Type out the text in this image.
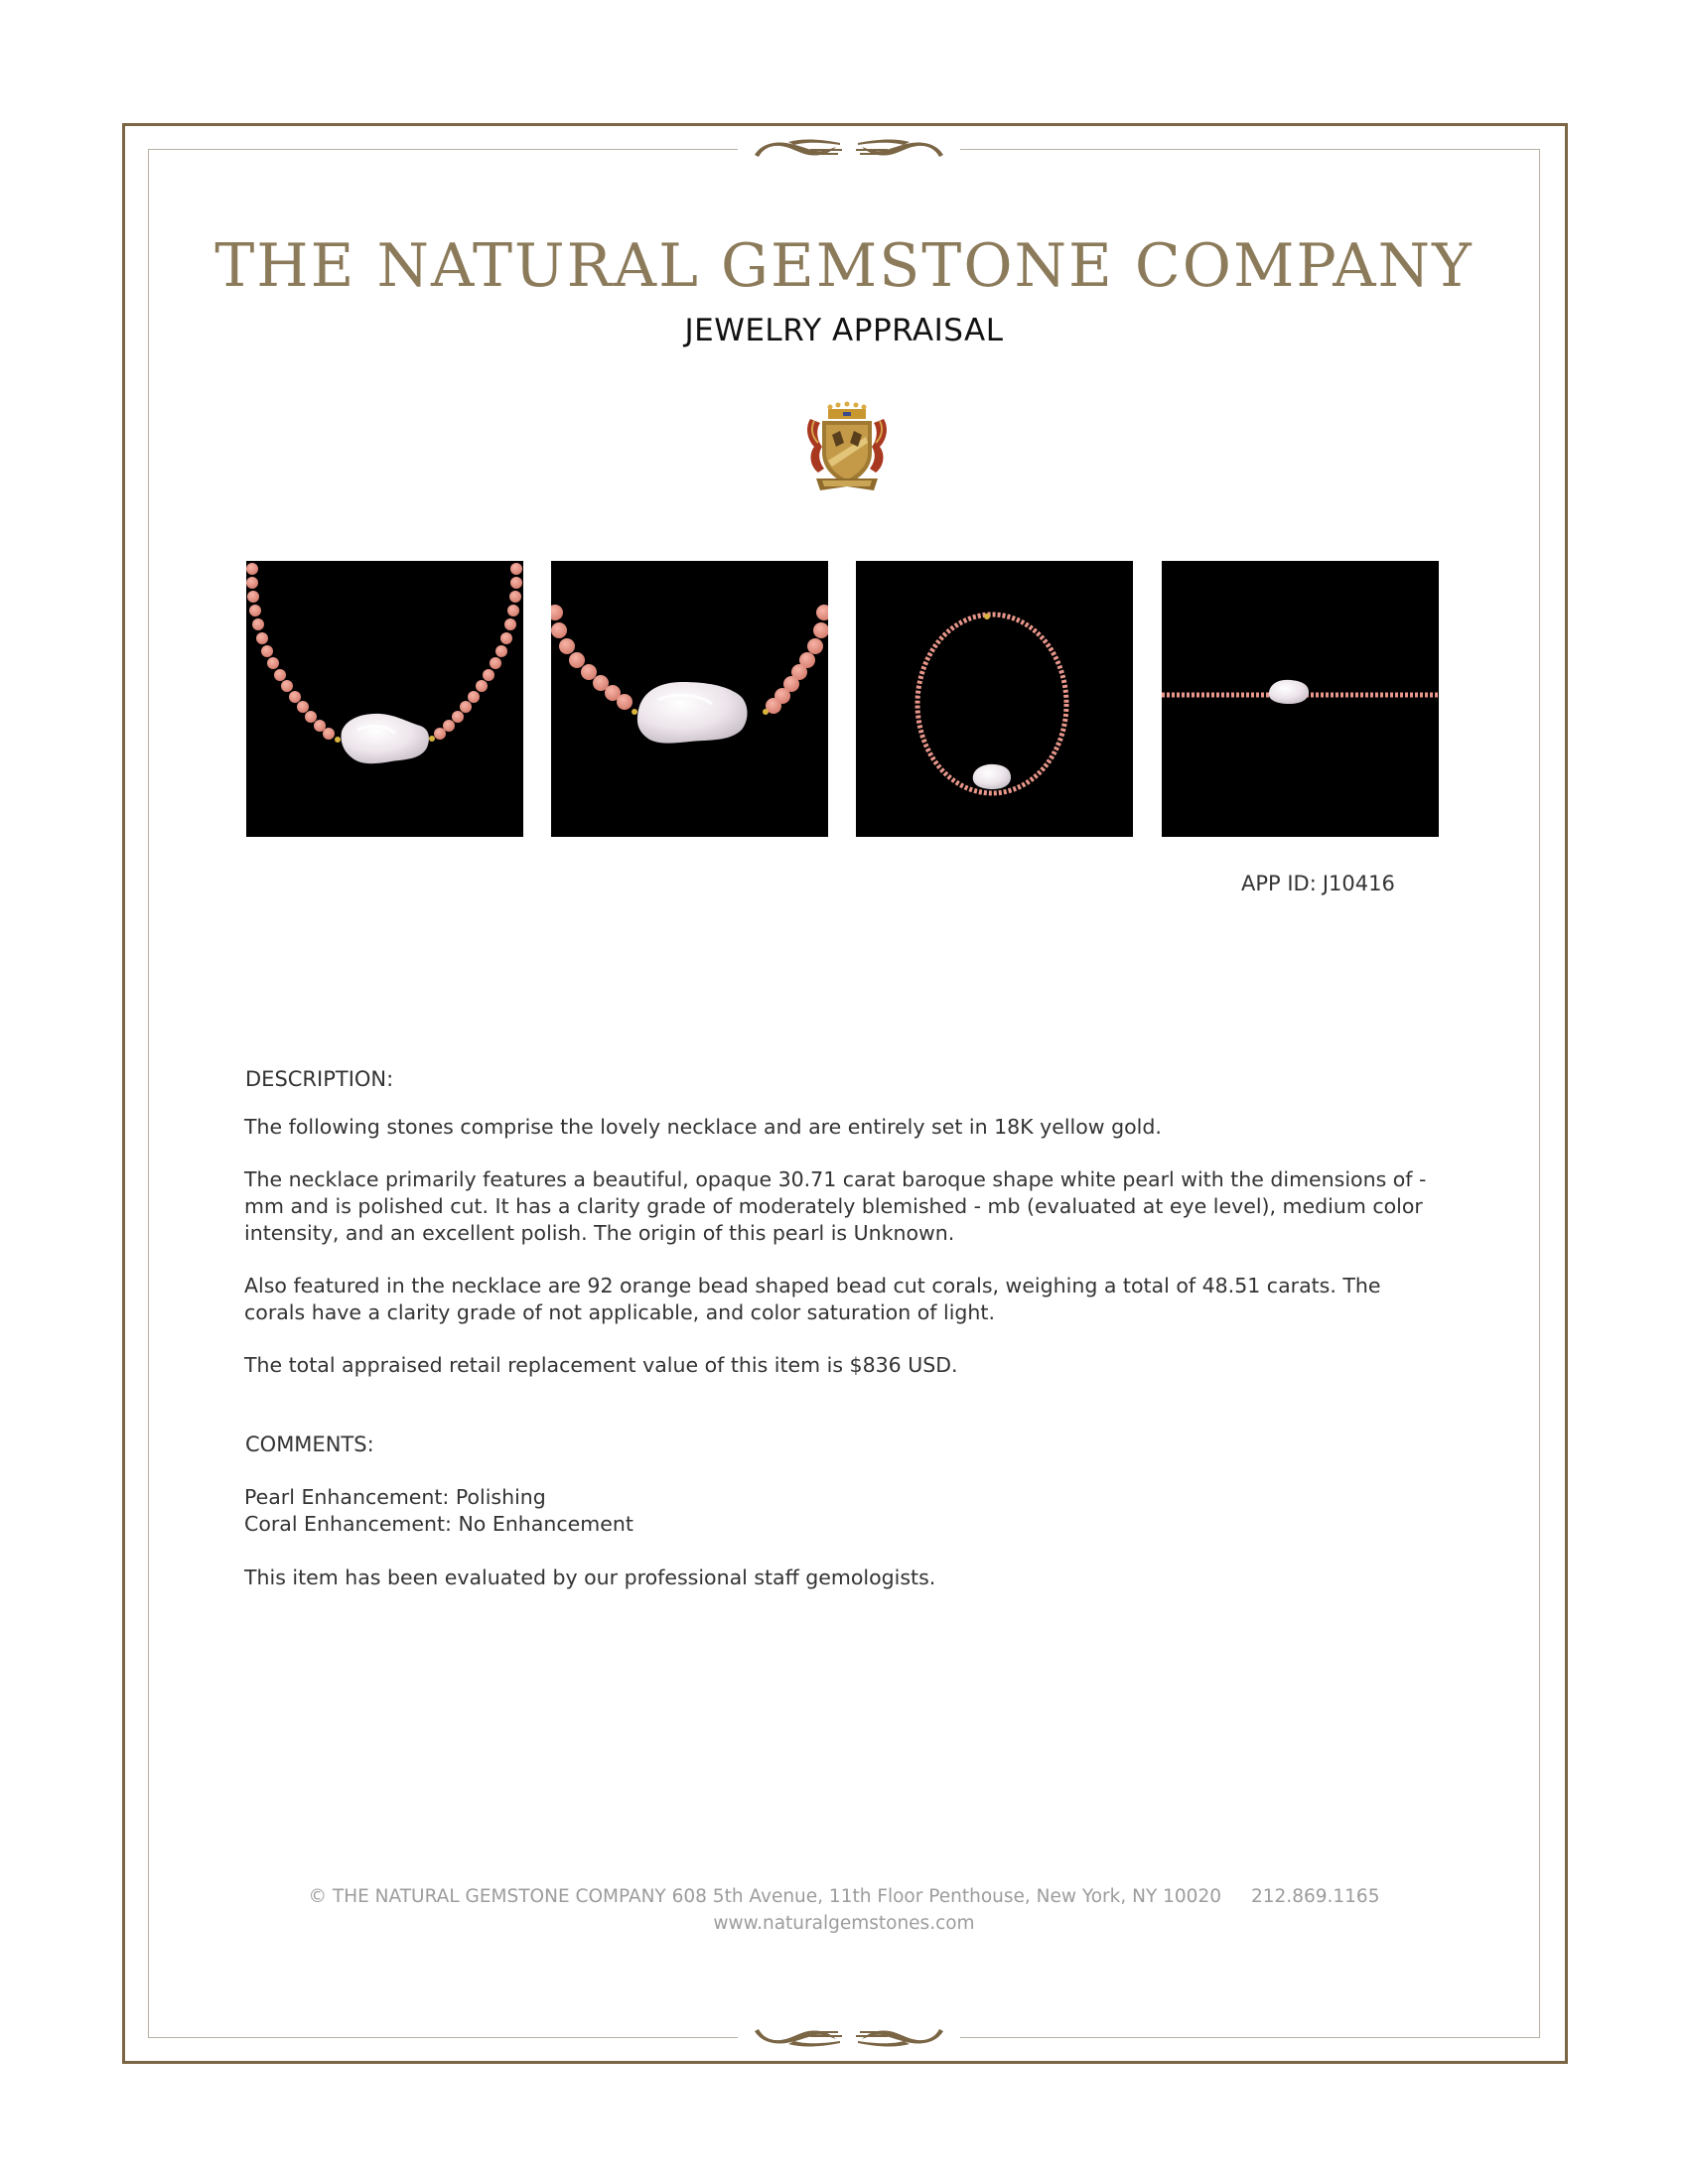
THE NATURAL GEMSTONE COMPANY
JEWELRY APPRAISAL
APP ID: J10416
DESCRIPTION:
The following stones comprise the lovely necklace and are entirely set in 18K yellow gold.
The necklace primarily features a beautiful, opaque 30.71 carat baroque shape white pearl with the dimensions of - mm and is polished cut. It has a clarity grade of moderately blemished - mb (evaluated at eye level), medium color intensity, and an excellent polish. The origin of this pearl is Unknown.
Also featured in the necklace are 92 orange bead shaped bead cut corals, weighing a total of 48.51 carats. The corals have a clarity grade of not applicable, and color saturation of light.
The total appraised retail replacement value of this item is $836 USD.
COMMENTS:
Pearl Enhancement: Polishing
Coral Enhancement: No Enhancement
This item has been evaluated by our professional staff gemologists.
© THE NATURAL GEMSTONE COMPANY 608 5th Avenue, 11th Floor Penthouse, New York, NY 10020 212.869.1165
www.naturalgemstones.com
